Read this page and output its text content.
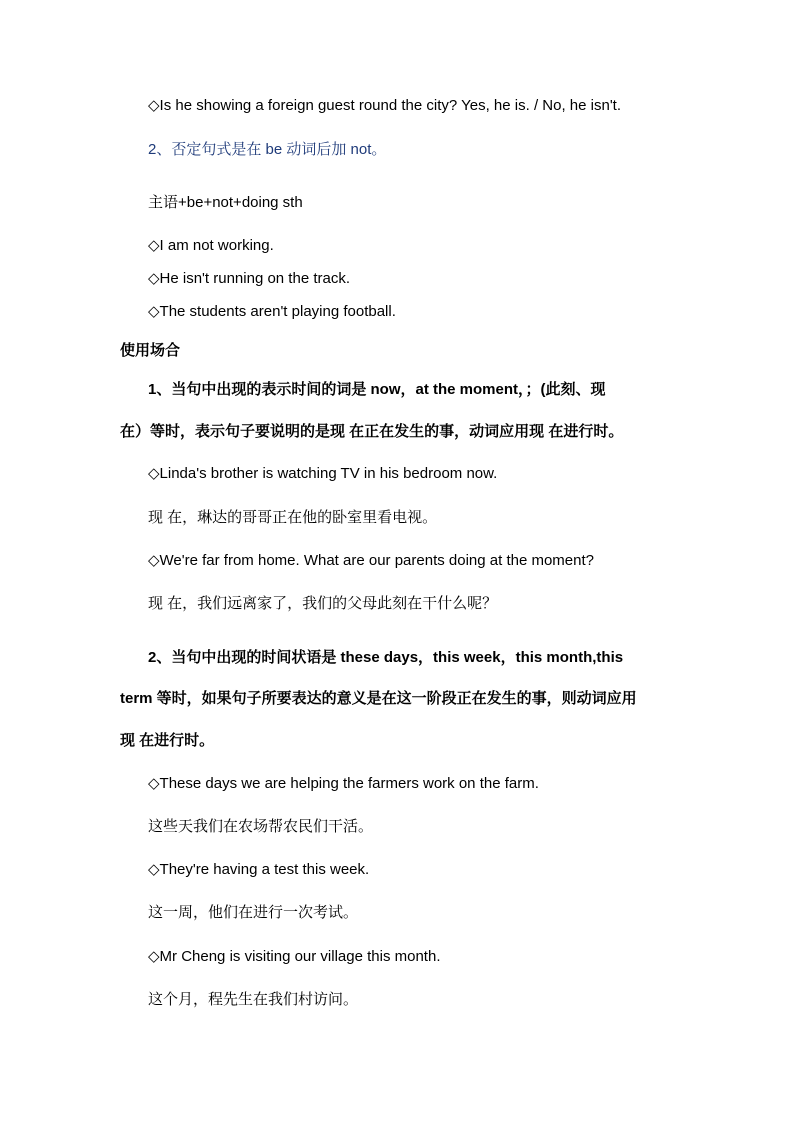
◇Is he showing a foreign guest round the city? Yes, he is. / No, he isn't.
2、否定句式是在 be 动词后加 not。
主语+be+not+doing sth
◇I am not working.
◇He isn't running on the track.
◇The students aren't playing football.
使用场合
1、当句中出现的表示时间的词是 now，at the moment，；(此刻、现
在）等时，表示句子要说明的是现 在正在发生的事，动词应用现 在进行时。
◇Linda's brother is watching TV in his bedroom now.
现 在，琳达的哥哥正在他的卧室里看电视。
◇We're far from home. What are our parents doing at the moment?
现 在，我们远离家了，我们的父母此刻在干什么呢？
2、当句中出现的时间状语是 these days，this week，this month,this
term 等时，如果句子所要表达的意义是在这一阶段正在发生的事，则动词应用
现 在进行时。
◇These days we are helping the farmers work on the farm.
这些天我们在农场帮农民们干活。
◇They're having a test this week.
这一周，他们在进行一次考试。
◇Mr Cheng is visiting our village this month.
这个月，程先生在我们村访问。
